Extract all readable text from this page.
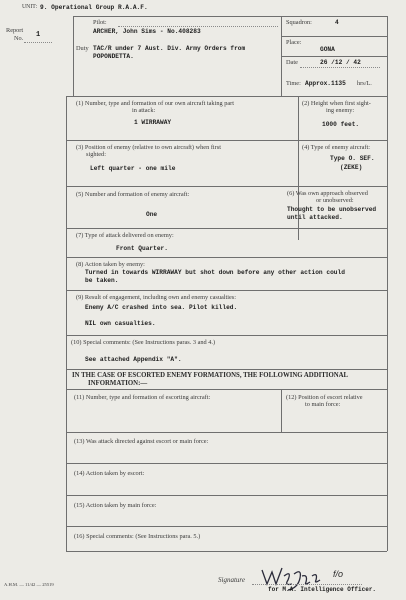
UNIT: 9. Operational Group R.A.A.F.
Report
No. 1
Pilot:
ARCHER, John Sims - No.408283
Duty TAC/R under 7 Aust. Div. Army Orders from
POPONDETTA.
Squadron:	4
Place:
GONA
Date	26 /12 / 42
Time: Approx.1135 hrs/L.
(1) Number, type and formation of our own aircraft taking part
in attack:
1 WIRRAWAY
(2) Height when first sight-
ing enemy:
1000 feet.
(3) Position of enemy (relative to own aircraft) when first
sighted:
Left quarter - one mile
(4) Type of enemy aircraft:
Type O. SEF.
(ZEKE)
(5) Number and formation of enemy aircraft:
One
(6) Was own approach observed
or unobserved:
Thought to be unobserved
until attacked.
(7) Type of attack delivered on enemy:
Front Quarter.
(8) Action taken by enemy:
Turned in towards WIRRAWAY but shot down before any other action could
be taken.
(9) Result of engagement, including own and enemy casualties:
Enemy A/C crashed into sea. Pilot killed.
NIL own casualties.
(10) Special comments: (See Instructions paras. 3 and 4.)
See attached Appendix "A".
IN THE CASE OF ESCORTED ENEMY FORMATIONS, THE FOLLOWING ADDITIONAL
INFORMATION:—
(11) Number, type and formation of escorting aircraft:	(12) Position of escort relative
to main force:
(13) Was attack directed against escort or main force:
(14) Action taken by escort:
(15) Action taken by main force:
(16) Special comments: (See Instructions para. 5.)
A.H.M. — 11/42 — 25519
Signature
f/o
for M.A. Intelligence Officer.
